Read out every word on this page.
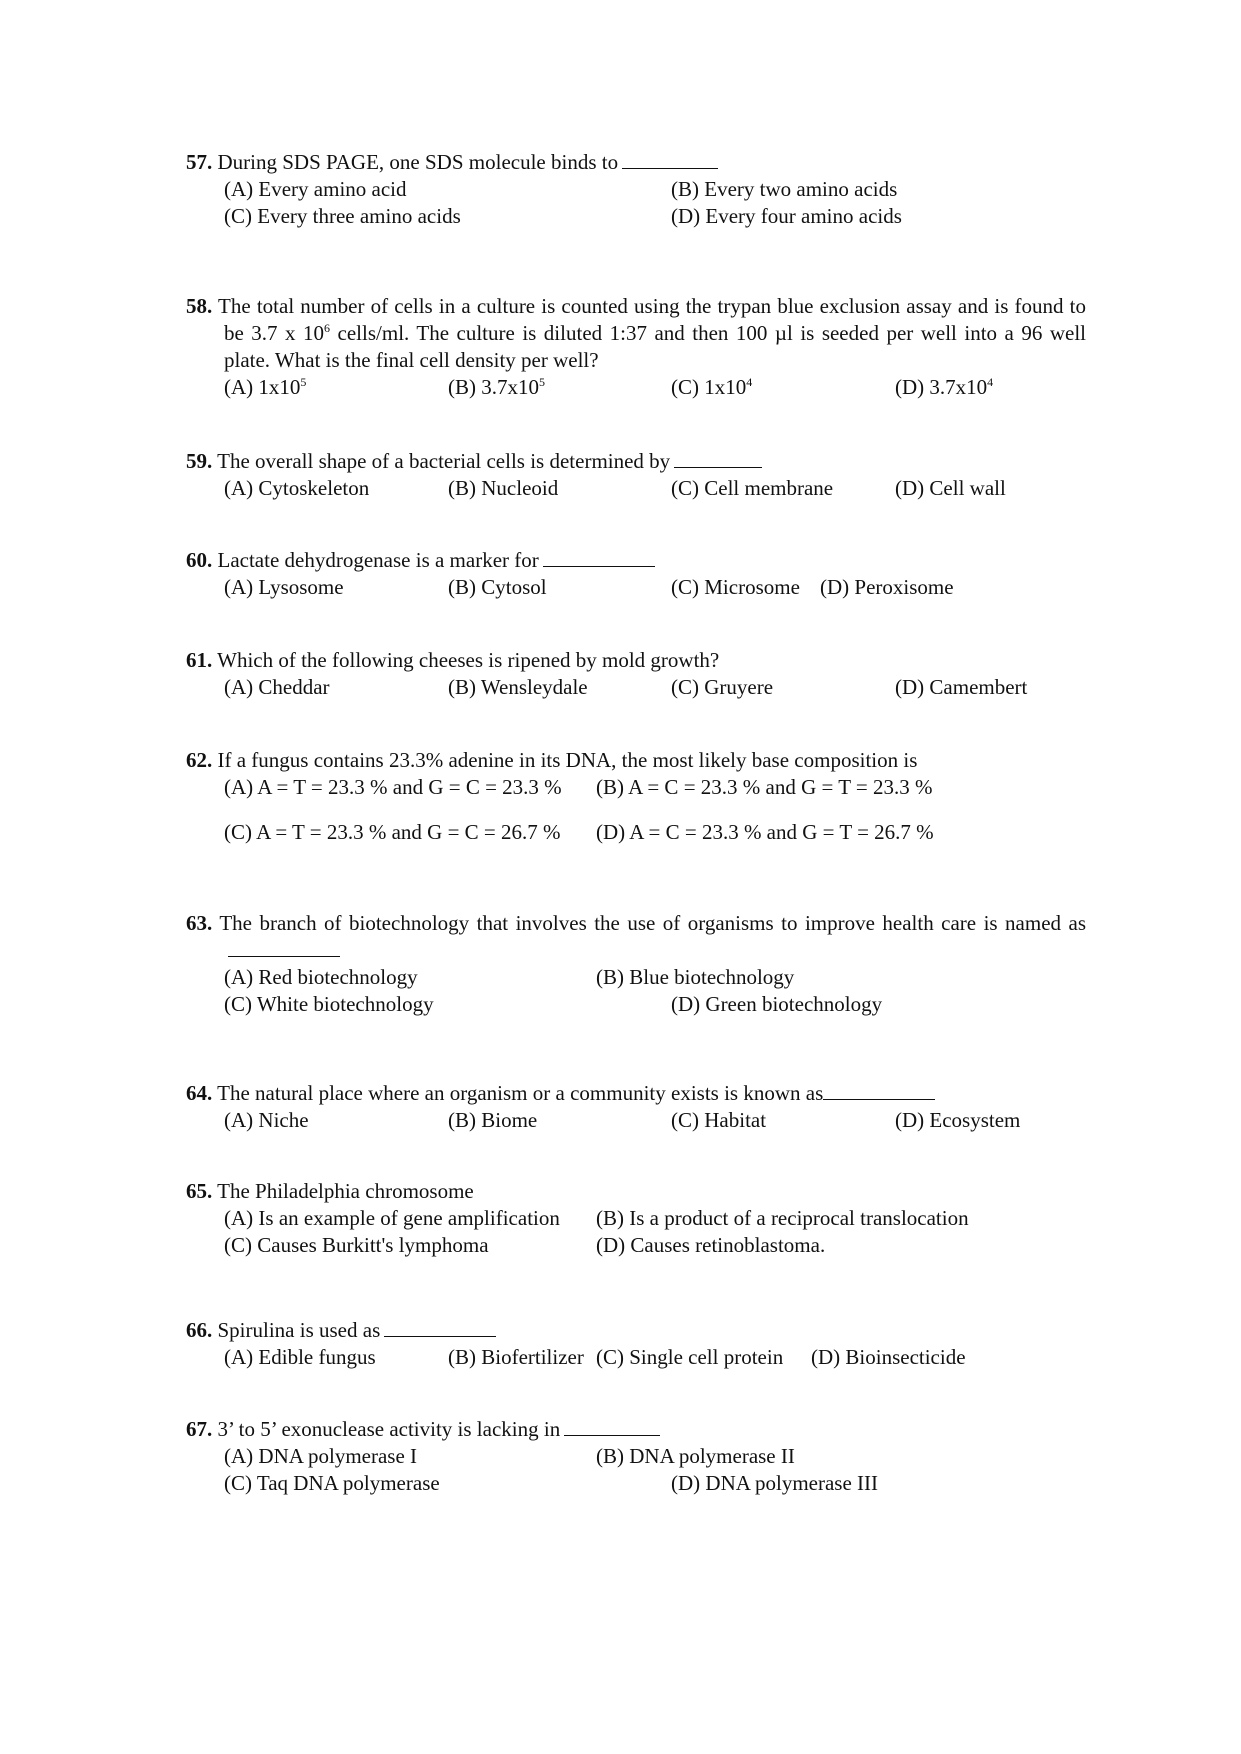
57. During SDS PAGE, one SDS molecule binds to
(A) Every amino acid	(B) Every two amino acids
(C) Every three amino acids	(D) Every four amino acids
58. The total number of cells in a culture is counted using the trypan blue exclusion assay and is found to be 3.7 x $10^6$ cells/ml. The culture is diluted 1:37 and then 100 µl is seeded per well into a 96 well plate. What is the final cell density per well?
(A) $1x10^5$	(B) $3.7x10^5$	(C) $1x10^4$	(D) $3.7x10^4$
59. The overall shape of a bacterial cells is determined by
(A) Cytoskeleton	(B) Nucleoid	(C) Cell membrane	(D) Cell wall
60. Lactate dehydrogenase is a marker for
(A) Lysosome	(B) Cytosol	(C) Microsome (D) Peroxisome
61. Which of the following cheeses is ripened by mold growth?
(A) Cheddar	(B) Wensleydale	(C) Gruyere	(D) Camembert
62. If a fungus contains 23.3% adenine in its DNA, the most likely base composition is
(A) A = T = 23.3 % and G = C = 23.3 % (B) A = C = 23.3 % and G = T = 23.3 %
(C) A = T = 23.3 % and G = C = 26.7 % (D) A = C = 23.3 % and G = T = 26.7 %
63. The branch of biotechnology that involves the use of organisms to improve health care is named as
(A) Red biotechnology	(B) Blue biotechnology
(C) White biotechnology	(D) Green biotechnology
64. The natural place where an organism or a community exists is known as
(A) Niche	(B) Biome	(C) Habitat	(D) Ecosystem
65. The Philadelphia chromosome
(A) Is an example of gene amplification (B) Is a product of a reciprocal translocation
(C) Causes Burkitt's lymphoma	(D) Causes retinoblastoma.
66. Spirulina is used as
(A) Edible fungus	(B) Biofertilizer (C) Single cell protein (D) Bioinsecticide
67. 3’ to 5’ exonuclease activity is lacking in
(A) DNA polymerase I	(B) DNA polymerase II
(C) Taq DNA polymerase	(D) DNA polymerase III
